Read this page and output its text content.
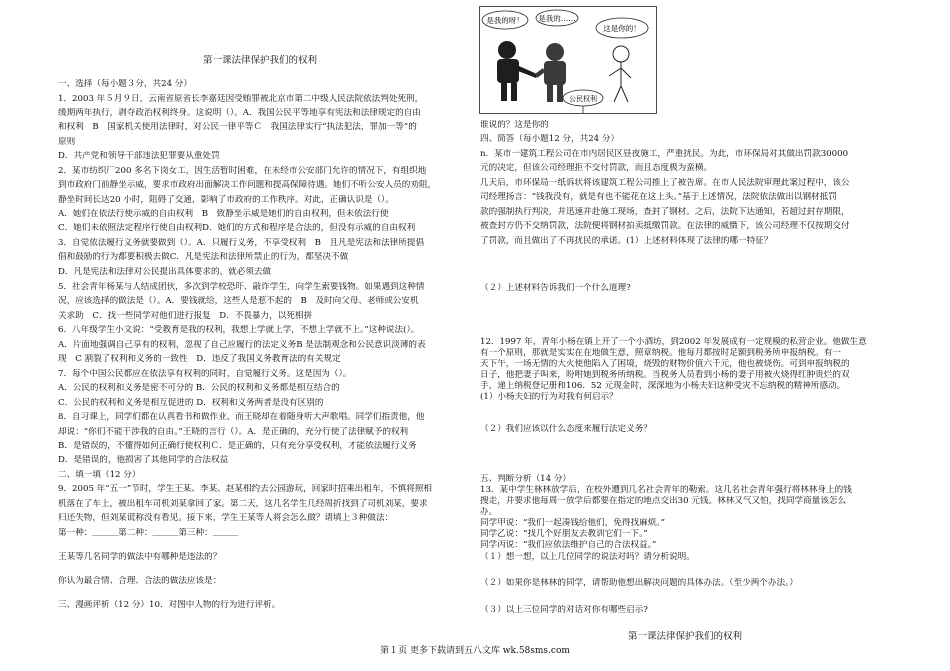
第一课法律保护我们的权利
一、选择（每小题３分，共24 分）
1．2003 年５月９日，云南省原省长李嘉廷因受贿罪被北京市第二中级人民法院依法判处死刑，
缓期两年执行，剥夺政治权利终身。这说明（）。A．我国公民平等地享有宪法和法律规定的自由
和权利　B　国家机关使用法律时，对公民一律平等Ｃ　我国法律实行“执法犯法，罪加一等”的
原则
D．共产党和领导干部违法犯罪要从重处罚
2．某市纺织厂200 多名下岗女工，因生活暂时困难，在未经市公安部门允许的情况下，有组织地
到市政府门前静坐示威，要求市政府出面解决工作问题和提高保障待遇。她们不听公安人员的劝阻，
静坐时间长达20 小时，阻碍了交通，影响了市政府的工作秩序。对此，正确认识是（）。
A．她们在依法行使示威的自由权利　B　致静坐示威是她们的自由权利，但未依法行使
C．她们未依照法定程序行使自由权利D．她们的方式和程序是合法的，但没有示威的自由权利
3．自觉依法履行义务就要做到（）。A．只履行义务，不享受权利　B　且凡是宪法和法律所提倡
倡和鼓励的行为都要积极去做C．凡是宪法和法律所禁止的行为，都坚决不做
D．凡是宪法和法律对公民提出具体要求的，就必须去做
5．社会青年杨某与人结成团伙，多次到学校恐吓、敲诈学生，向学生索要钱物。如果遇到这种情
况，应该选择的做法是（）。A．要钱就给，这些人是惹不起的　B　及时向父母、老师或公安机
关求助　C．找一些同学对他们进行报复　D．不畏暴力，以死相拼
6．八年级学生小文说：“受教育是我的权利，我想上学就上学，不想上学就不上。”这种说法(）。
A．片面地强调自己享有的权利，忽视了自己应履行的法定义务B 是法制观念和公民意识淡薄的表
现　C 割裂了权利和义务的一致性　D．违反了我国义务教育法的有关规定
7．每个中国公民都应在依法享有权利的同时，自觉履行义务。这是因为（）。
A．公民的权利和义务是密不可分的 B．公民的权利和义务都是相互结合的
C．公民的权利和义务是相互促进的 D．权利和义务两者是没有区别的
8．自习课上，同学们都在认真看书和做作业，而王晓却在着随身听大声歌唱。同学们指责他，他
却说：“你们不能干涉我的自由。”王晓的言行（）。A．是正确的，充分行使了法律赋予的权利
B．是错误的，不懂得如何正确行使权利Ｃ．是正确的，只有充分享受权利，才能依法履行义务
D．是错误的，他损害了其他同学的合法权益
二、填一填（12 分）
9．2005 年“五一”节时，学生王某、李某、赵某相约去公园游玩，回家时招乘出租车，不慎将照相
机落在了车上，被出租车司机刘某拿回了家。第二天，这几名学生几经周折找到了司机刘某，要求
归还失物，但刘某谎称没有看见。接下来，学生王某等人将会怎么做？请填上３种做法：
第一种：＿＿＿第二种：＿＿＿第三种：＿＿＿
王某等几名同学的做法中有哪种是违法的？
你认为最合情、合理、合法的做法应该是：
三、漫画评析（12 分）10．对图中人物的行为进行评析。
是我的呀！ 是我的……
这是你的！
公民权利
谁说的？这是你的
四、简答（每小题12 分，共24 分）
n．某市一建筑工程公司在市内居民区昼夜施工，严重扰民。为此，市环保局对其做出罚款30000
元的决定，但该公司经理拒不交付罚款，而且态度极为蛮横。
几天后，市环保局一纸诉状将该建筑工程公司推上了被告席。在市人民法院审理此案过程中，该公
司经理扬言：“钱我没有，就是有也不能花在这上头。”基于上述情况，法院依法做出以钢材抵罚
款的强制执行判决，并迅速并赴施工现场，查封了钢材。之后，法院下达通知，若超过封存期限，
被查封方仍不交纳罚款，法院便将钢材拍卖抵缴罚款。在法律的威慑下，该公司经理不仅按期交付
了罚款，而且做出了不再扰民的承诺。(1）上述材料体现了法律的哪一特征？
（２）上述材料告诉我们一个什么道理?
12．1997 年，青年小杨在镇上开了一个小酒坊，到2002 年发展成有一定规模的私营企业。他做生意
有一个原则，那就是实实在在地做生意，照章纳税。他每月都按时足额到税务所申报纳税。有一
天下午，一场无情的大火使他陷入了困境，烧毁的财物价值六千元，他也被烧伤。可到申报纳税的
日子，他把妻子叫来，吩咐她到税务所纳税。当税务人员看到小杨的妻子用被火烧得红肿贵烂的双
手，递上纳税登记册和106．52 元现金时，深深地为小杨夫妇这种受灾不忘纳税的精神所感动。
(1）小杨夫妇的行为对我有何启示？
（２）我们应该以什么态度来履行法定义务？
五、判断分析（14 分）
13．某中学生林林放学后，在校外遭到几名社会青年的勒索。这几名社会青年强行将林林身上的钱
搜走，并要求他每周一放学后都要在指定的地点交出30 元钱。林林又气又怕，找同学商量该怎么
办。
同学甲说：“我们一起凑钱给他们，免得找麻烦。”
同学乙说：“找几个好朋友去教训它们一下。”
同学丙说：“我们应依法维护自己的合法权益。”
（１）想一想，以上几位同学的说法对吗？请分析说明。
（２）如果你是林林的同学，请帮助他想出解决问题的具体办法。（至少两个办法。）
（３）以上三位同学的对话对你有哪些启示?
第一课法律保护我们的权利
第１页 更多下载请到五八文库 wk.58sms.com
